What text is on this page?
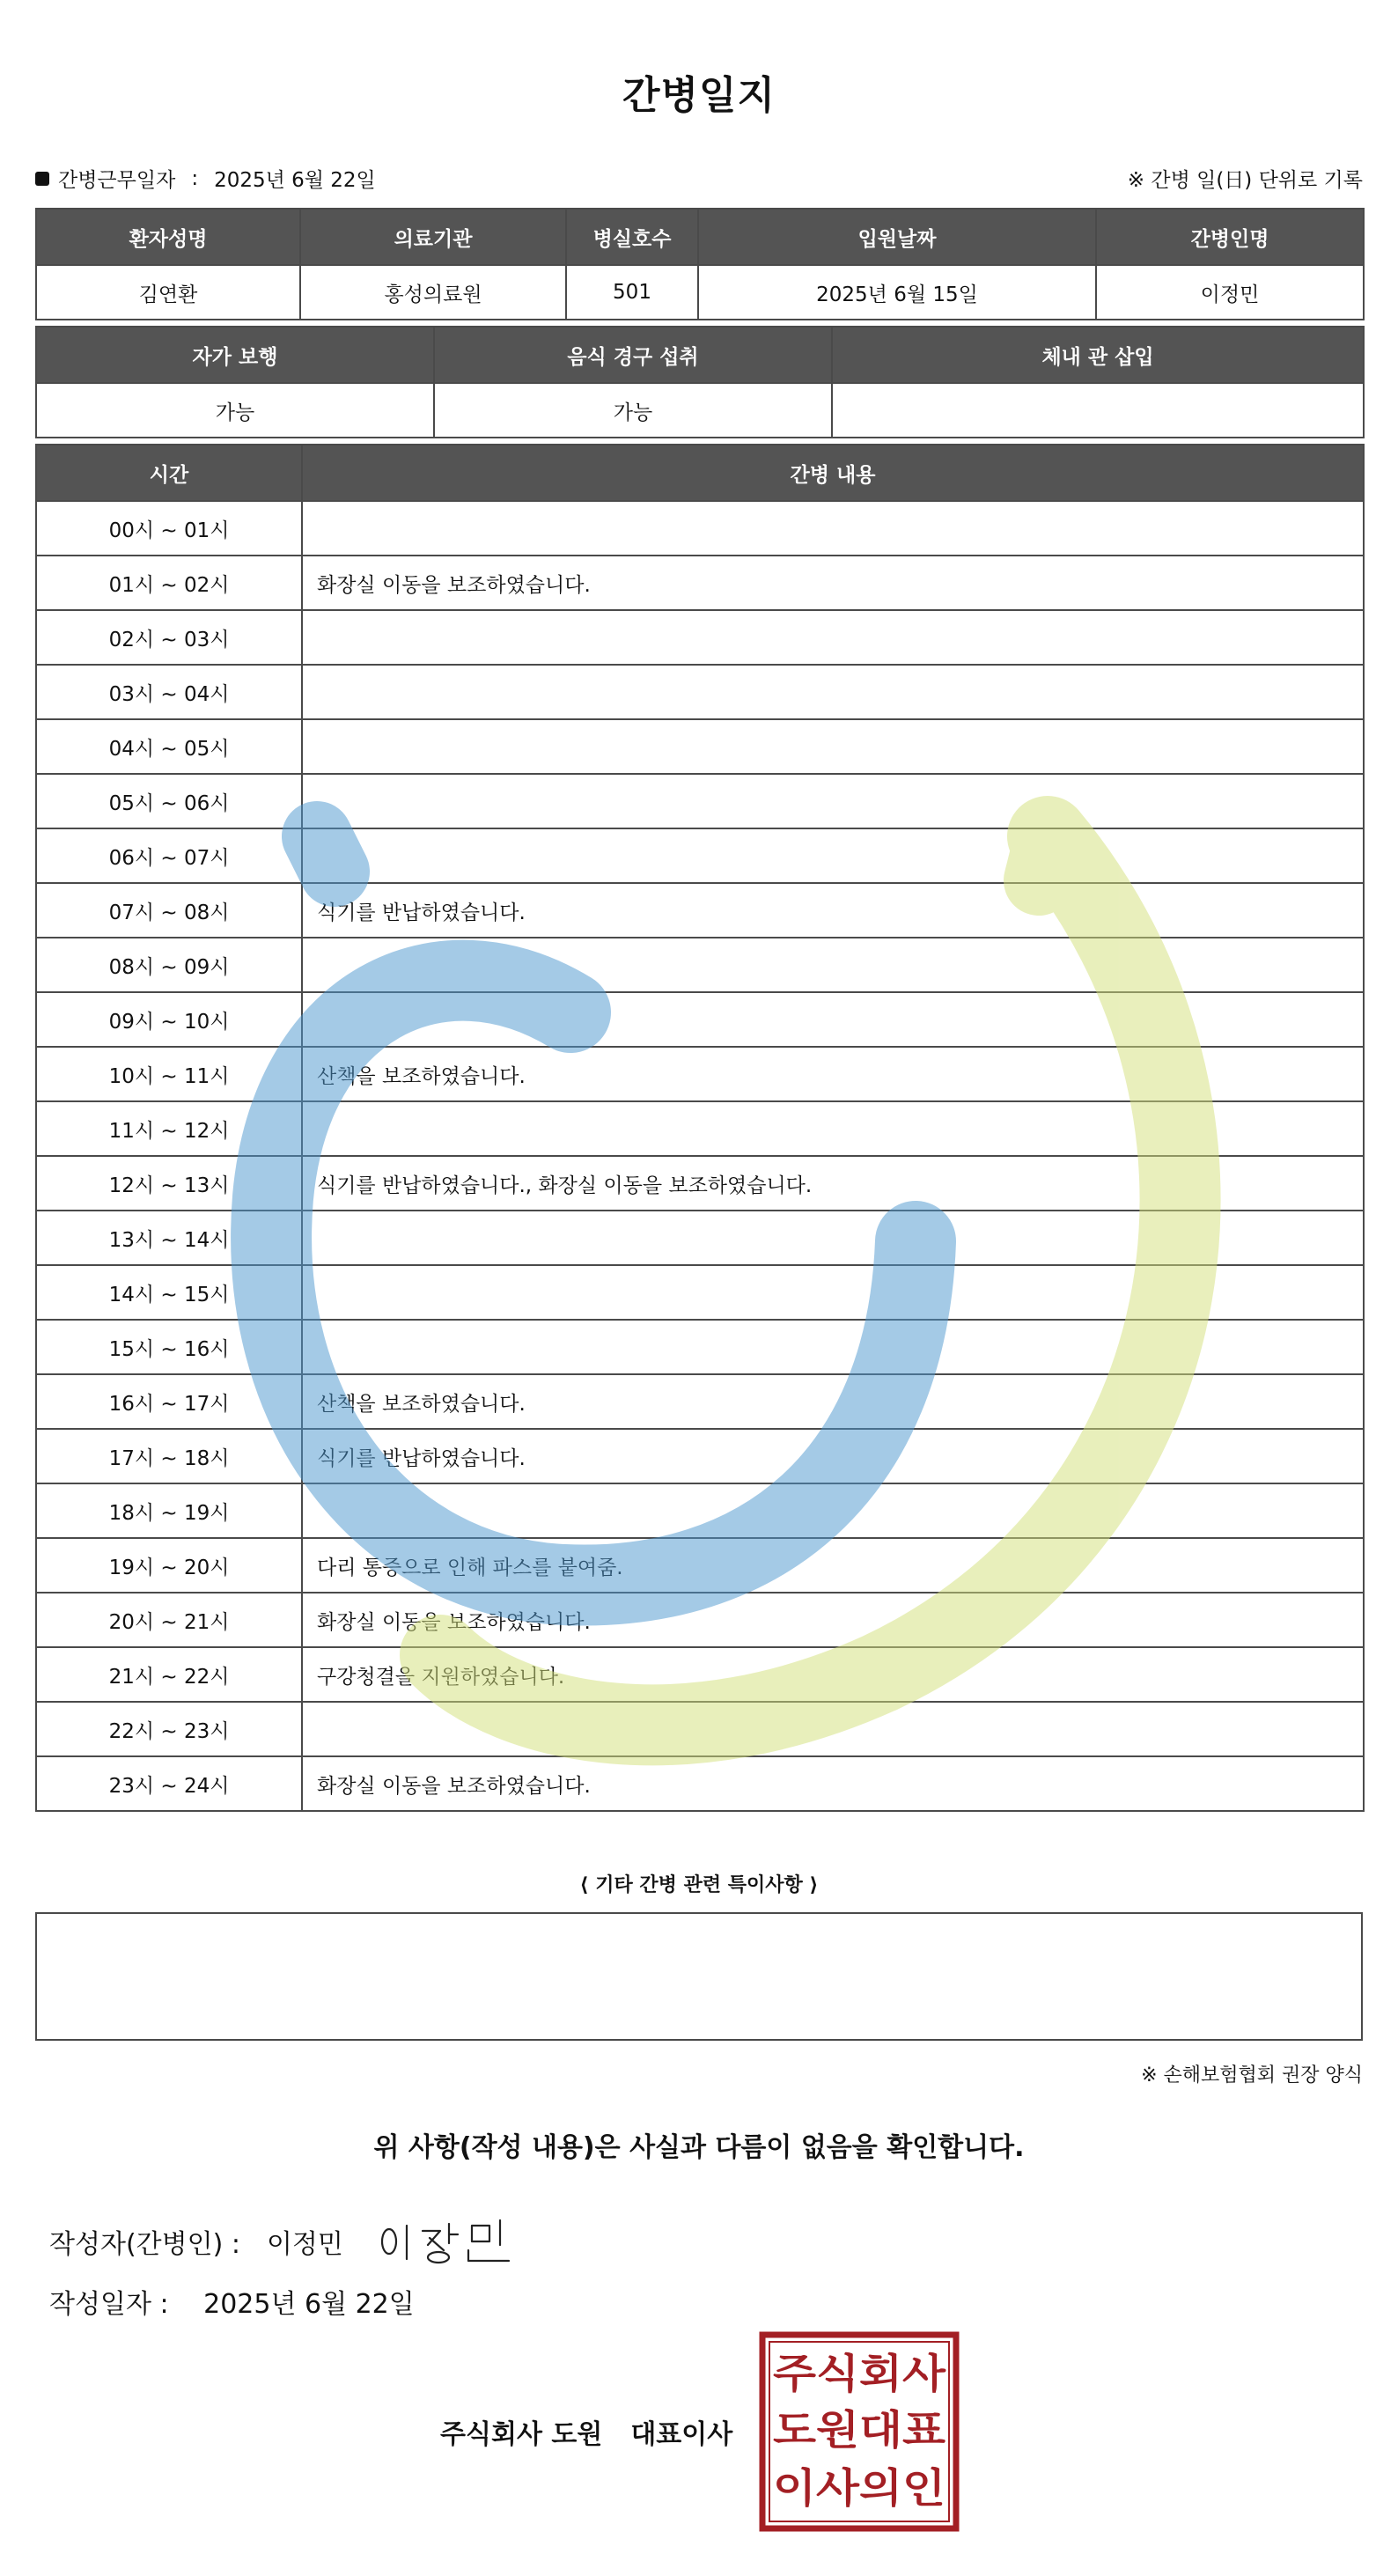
간병일지
간병근무일자 : 2025년 6월 22일	※ 간병 일(日) 단위로 기록
환자성명	의료기관	병실호수	입원날짜	간병인명
김연환	홍성의료원	501	2025년 6월 15일	이정민
자가 보행	음식 경구 섭취	체내 관 삽입
가능	가능	
시간	간병 내용
00시 ~ 01시	
01시 ~ 02시	화장실 이동을 보조하였습니다.
02시 ~ 03시	
03시 ~ 04시	
04시 ~ 05시	
05시 ~ 06시	
06시 ~ 07시	
07시 ~ 08시	식기를 반납하였습니다.
08시 ~ 09시	
09시 ~ 10시	
10시 ~ 11시	산책을 보조하였습니다.
11시 ~ 12시	
12시 ~ 13시	식기를 반납하였습니다., 화장실 이동을 보조하였습니다.
13시 ~ 14시	
14시 ~ 15시	
15시 ~ 16시	
16시 ~ 17시	산책을 보조하였습니다.
17시 ~ 18시	식기를 반납하였습니다.
18시 ~ 19시	
19시 ~ 20시	다리 통증으로 인해 파스를 붙여줌.
20시 ~ 21시	화장실 이동을 보조하였습니다.
21시 ~ 22시	구강청결을 지원하였습니다.
22시 ~ 23시	
23시 ~ 24시	화장실 이동을 보조하였습니다.
⟨ 기타 간병 관련 특이사항 ⟩
※ 손해보험협회 권장 양식
위 사항(작성 내용)은 사실과 다름이 없음을 확인합니다.
작성자(간병인) : 이정민
작성일자 : 2025년 6월 22일
주식회사 도원 대표이사
주식회사
도원대표
이사의인
